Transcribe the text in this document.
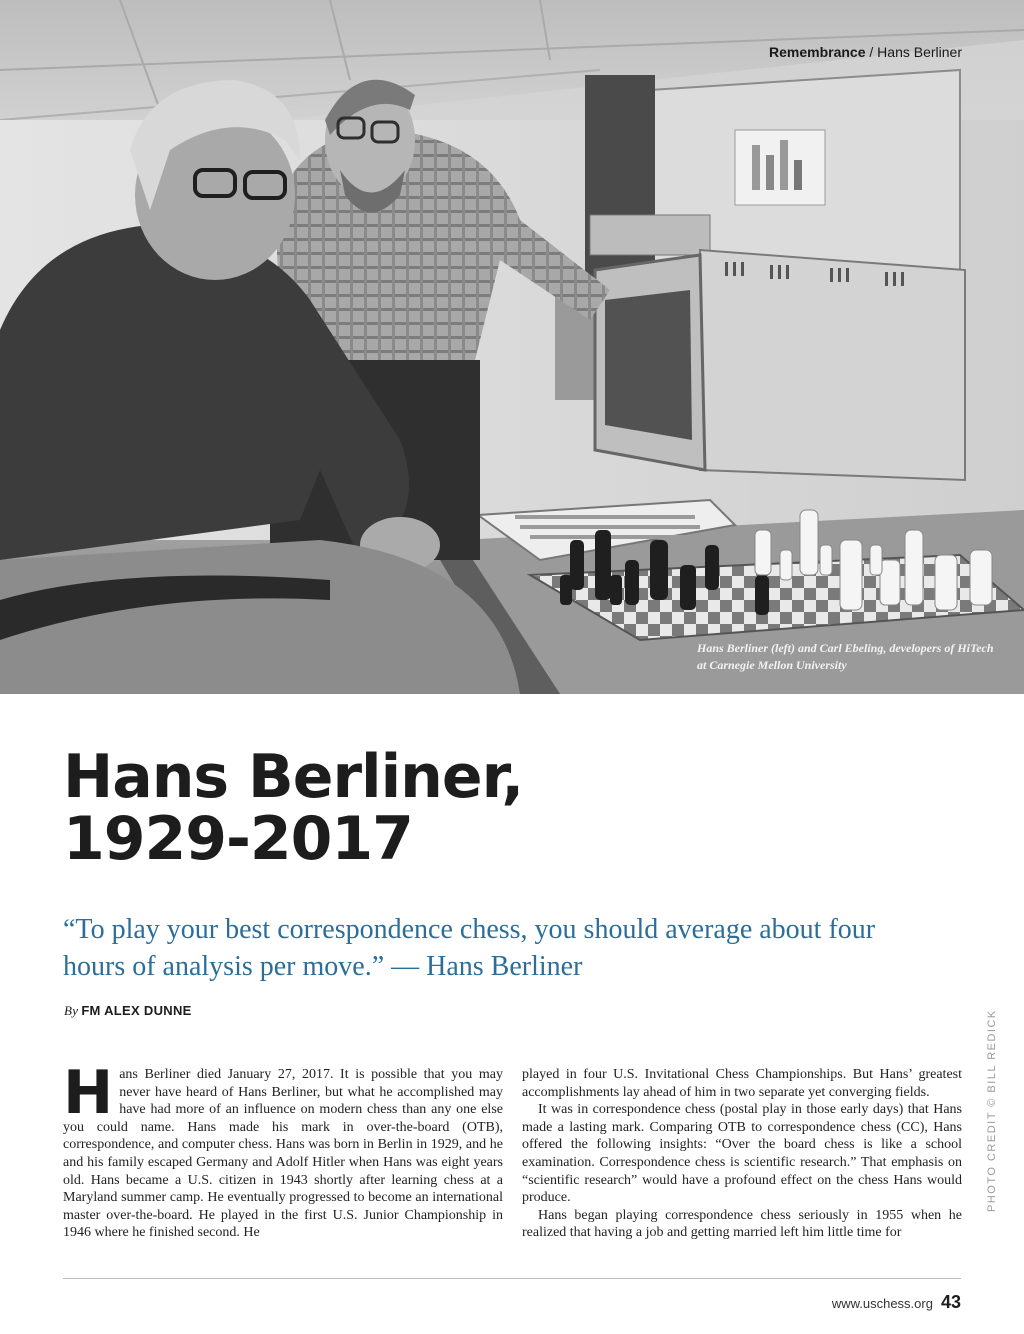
Remembrance / Hans Berliner
Hans Berliner (left) and Carl Ebeling, developers of HiTech at Carnegie Mellon University
Hans Berliner,
1929-2017
“To play your best correspondence chess, you should average about four hours of analysis per move.” — Hans Berliner
By FM ALEX DUNNE

Hans Berliner died January 27, 2017. It is possible that you may never have heard of Hans Berliner, but what he accomplished may have had more of an influence on modern chess than any one else you could name. Hans made his mark in over-the-board (OTB), correspondence, and computer chess. Hans was born in Berlin in 1929, and he and his family escaped Germany and Adolf Hitler when Hans was eight years old. Hans became a U.S. citizen in 1943 shortly after learning chess at a Maryland summer camp. He eventually progressed to become an international master over-the-board. He played in the first U.S. Junior Championship in 1946 where he finished second. He

played in four U.S. Invitational Chess Championships. But Hans’ greatest accomplishments lay ahead of him in two separate yet converging fields.

It was in correspondence chess (postal play in those early days) that Hans made a lasting mark. Comparing OTB to correspondence chess (CC), Hans offered the following insights: “Over the board chess is like a school examination. Correspondence chess is scientific research.” That emphasis on “scientific research” would have a profound effect on the chess Hans would produce.

Hans began playing correspondence chess seriously in 1955 when he realized that having a job and getting married left him little time for

PHOTO CREDIT © BILL REDICK
www.uschess.org 43
